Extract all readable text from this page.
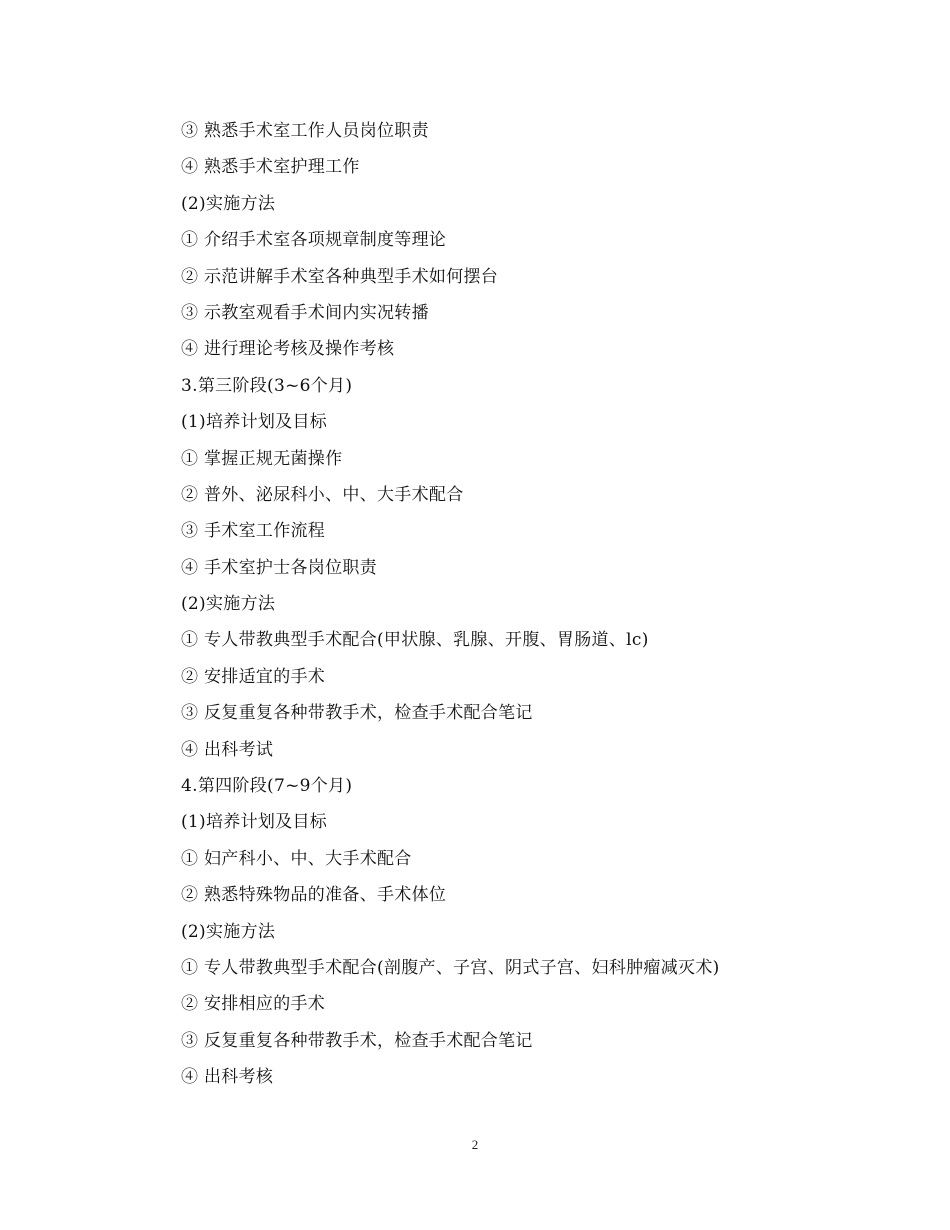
③ 熟悉手术室工作人员岗位职责
④ 熟悉手术室护理工作
(2)实施方法
① 介绍手术室各项规章制度等理论
② 示范讲解手术室各种典型手术如何摆台
③ 示教室观看手术间内实况转播
④ 进行理论考核及操作考核
3.第三阶段(3~6个月)
(1)培养计划及目标
① 掌握正规无菌操作
② 普外、泌尿科小、中、大手术配合
③ 手术室工作流程
④ 手术室护士各岗位职责
(2)实施方法
① 专人带教典型手术配合(甲状腺、乳腺、开腹、胃肠道、lc)
② 安排适宜的手术
③ 反复重复各种带教手术，检查手术配合笔记
④ 出科考试
4.第四阶段(7~9个月)
(1)培养计划及目标
① 妇产科小、中、大手术配合
② 熟悉特殊物品的准备、手术体位
(2)实施方法
① 专人带教典型手术配合(剖腹产、子宫、阴式子宫、妇科肿瘤减灭术)
② 安排相应的手术
③ 反复重复各种带教手术，检查手术配合笔记
④ 出科考核
2
